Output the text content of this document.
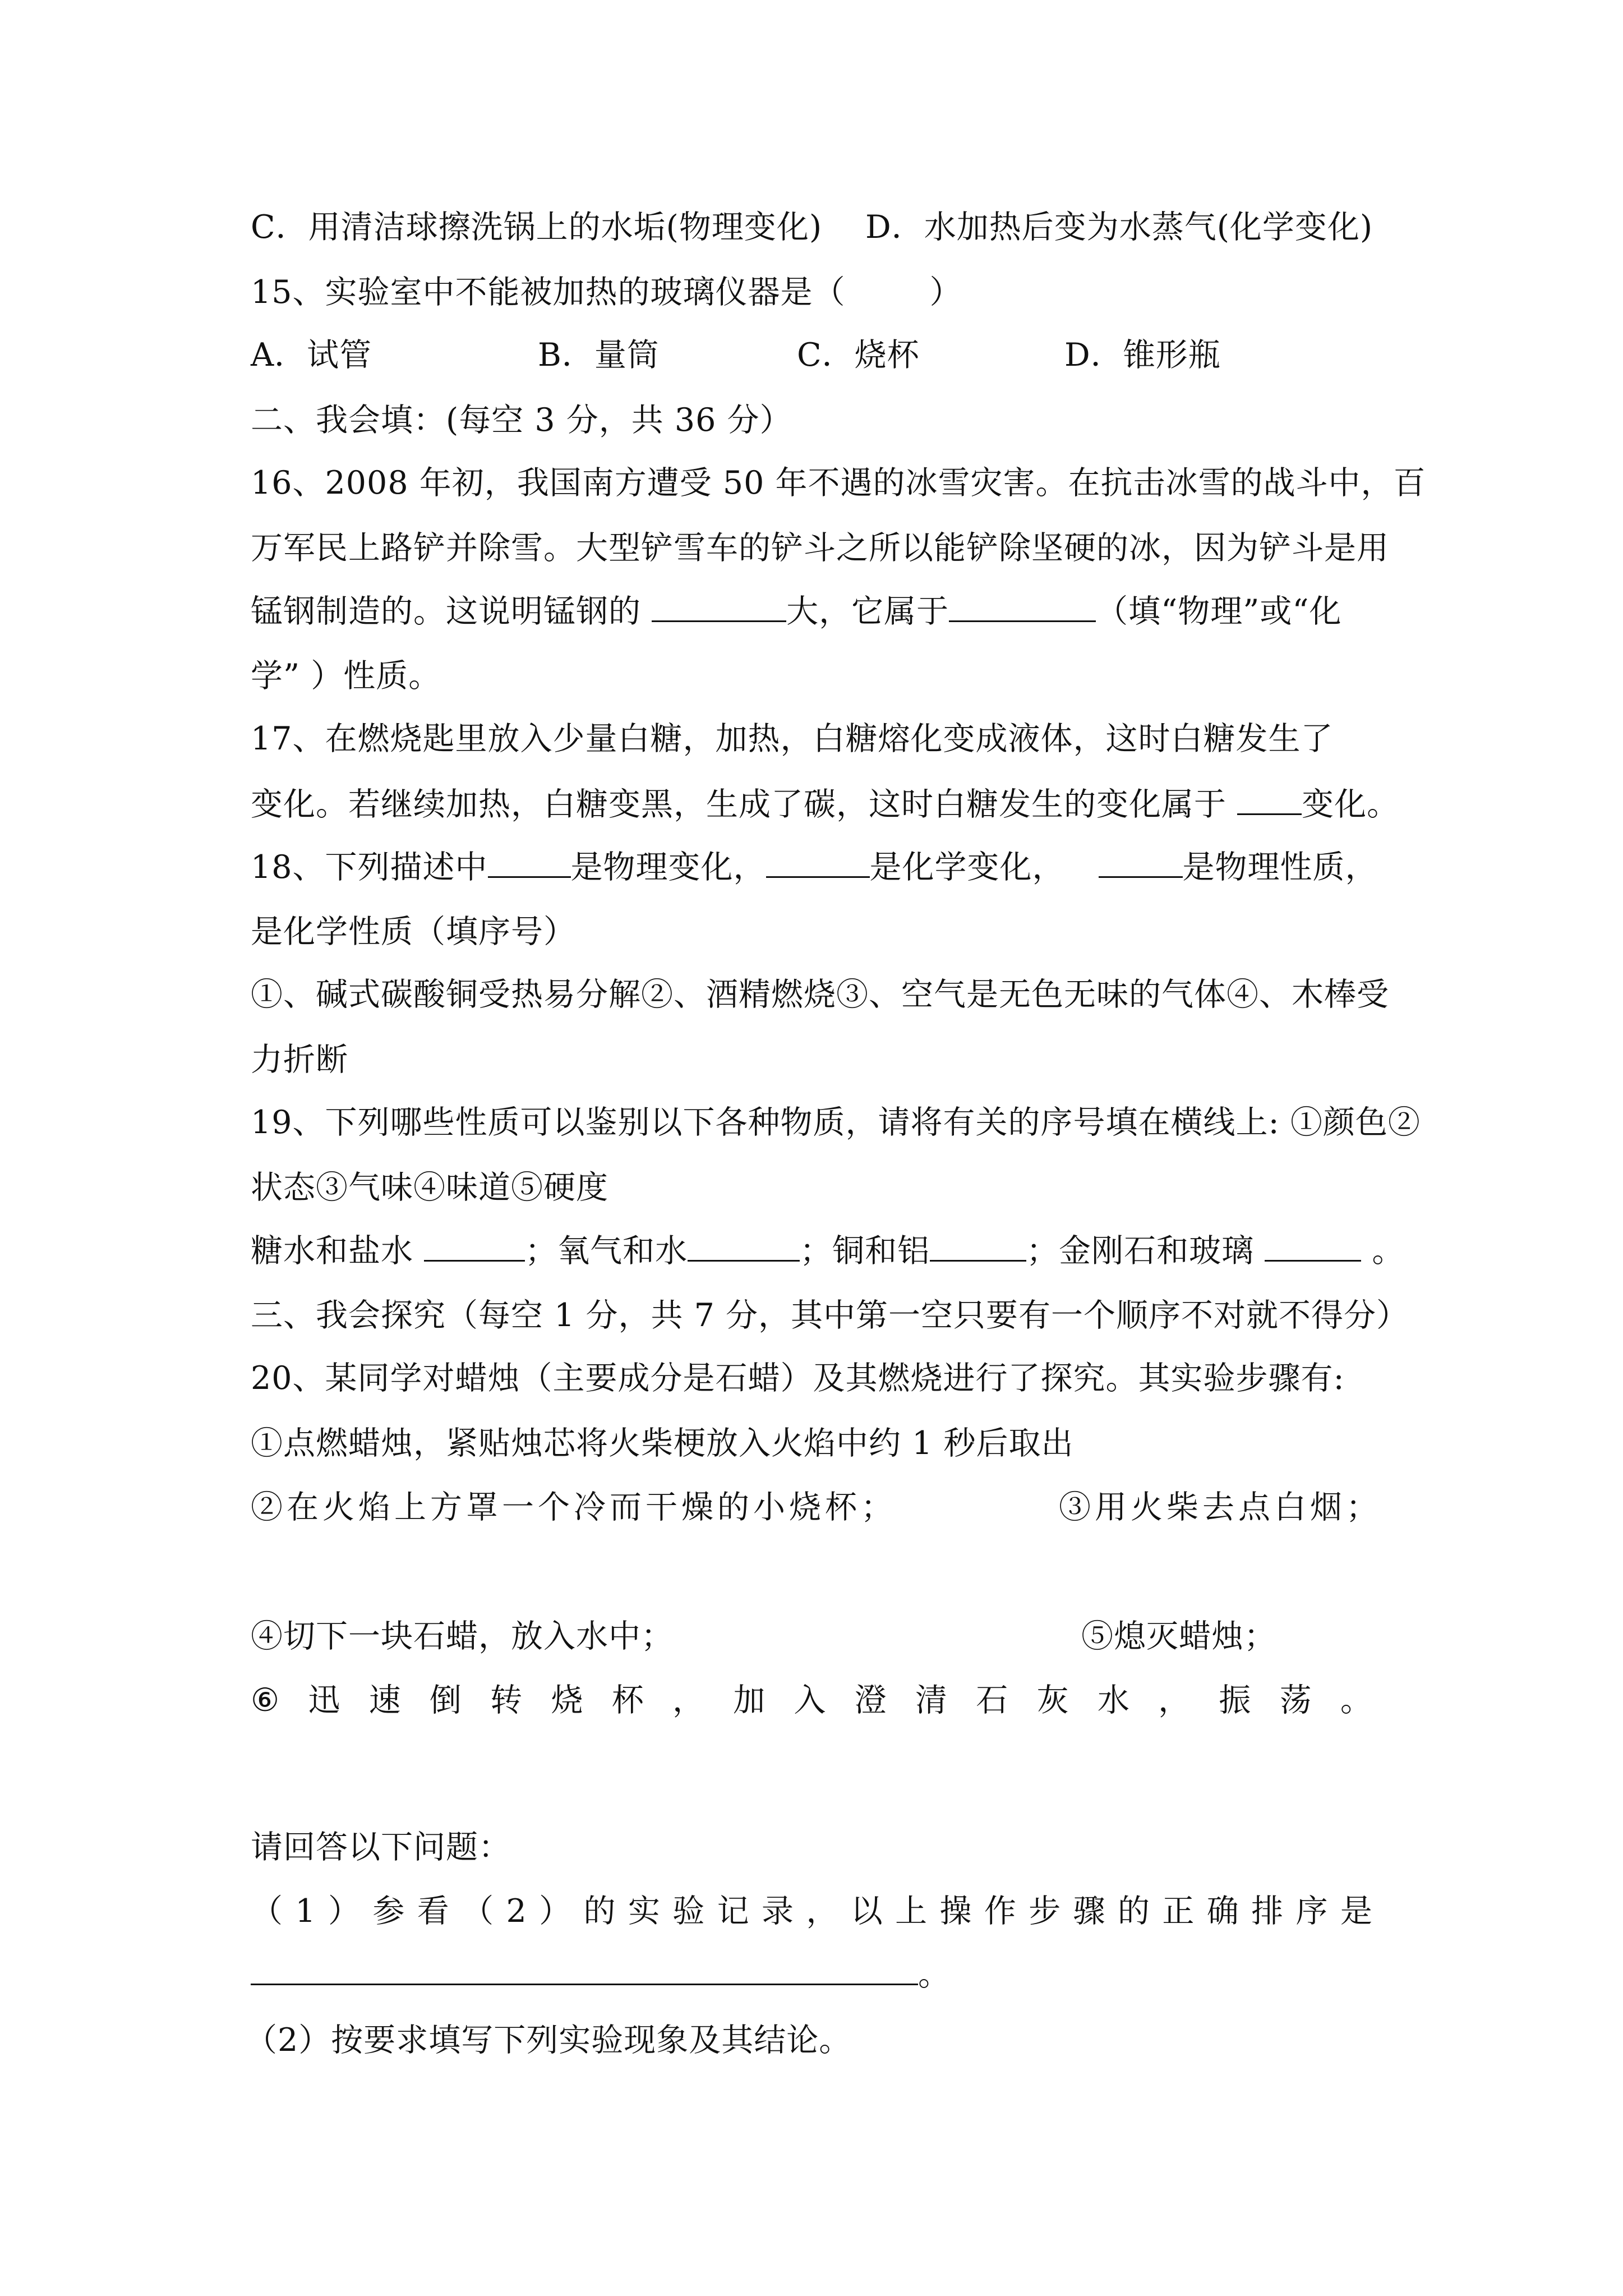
C．用清洁球擦洗锅上的水垢(物理变化) D．水加热后变为水蒸气(化学变化)
15、实验室中不能被加热的玻璃仪器是（	）
A．试管	B．量筒	C．烧杯	D．锥形瓶
二、我会填：(每空 3 分，共 36 分）
16、2008 年初，我国南方遭受 50 年不遇的冰雪灾害。在抗击冰雪的战斗中，百
万军民上路铲并除雪。大型铲雪车的铲斗之所以能铲除坚硬的冰，因为铲斗是用
锰钢制造的。这说明锰钢的	大，它属于	（填“物理”或“化
学” ）性质。
17、在燃烧匙里放入少量白糖，加热，白糖熔化变成液体，这时白糖发生了
变化。若继续加热，白糖变黑，生成了碳，这时白糖发生的变化属于 变化。
18、下列描述中	是物理变化，	是化学变化，	是物理性质，
是化学性质（填序号）
①、碱式碳酸铜受热易分解②、酒精燃烧③、空气是无色无味的气体④、木棒受
力折断
19、下列哪些性质可以鉴别以下各种物质，请将有关的序号填在横线上: ①颜色②
状态③气味④味道⑤硬度
糖水和盐水	；氧气和水	；铜和铝	；金刚石和玻璃	。
三、我会探究（每空 1 分，共 7 分，其中第一空只要有一个顺序不对就不得分）
20、某同学对蜡烛（主要成分是石蜡）及其燃烧进行了探究。其实验步骤有:
①点燃蜡烛，紧贴烛芯将火柴梗放入火焰中约 1 秒后取出
②在火焰上方罩一个冷而干燥的小烧杯；	③用火柴去点白烟；
④切下一块石蜡，放入水中；	⑤熄灭蜡烛；
⑥ 迅 速 倒 转 烧 杯 ， 加 入 澄 清 石 灰 水 ， 振 荡 。
请回答以下问题：
（ 1 ） 参 看 （ 2 ） 的 实 验 记 录 ， 以 上 操 作 步 骤 的 正 确 排 序 是
。
（2）按要求填写下列实验现象及其结论。
